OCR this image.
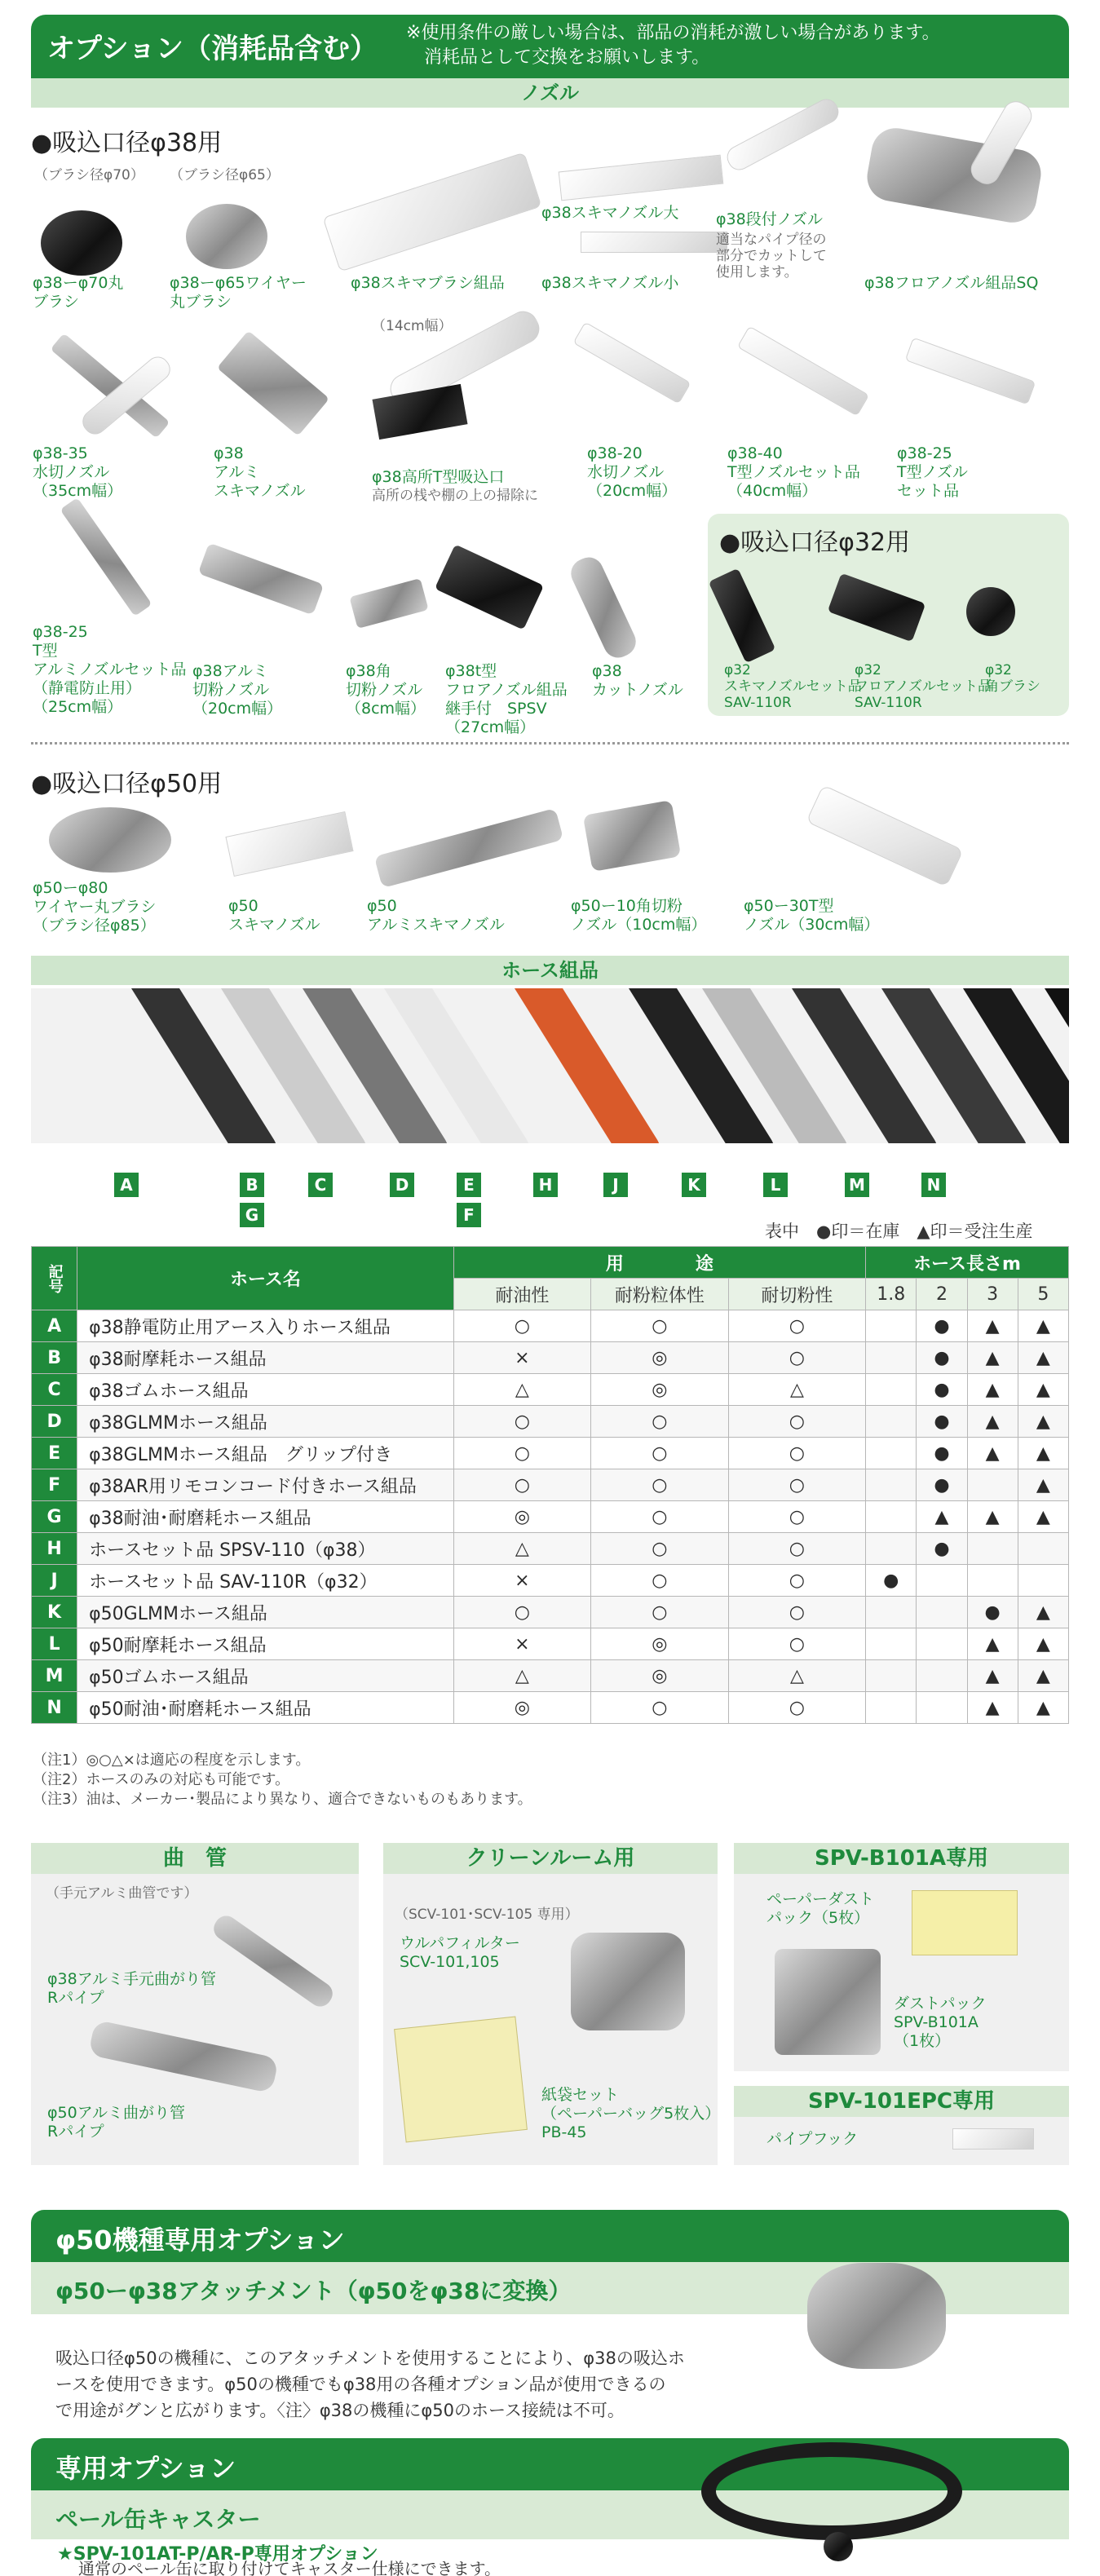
オプション（消耗品含む） ※使用条件の厳しい場合は、部品の消耗が激しい場合があります。
消耗品として交換をお願いします。
ノズル
●吸込口径φ38用
（ブラシ径φ70） （ブラシ径φ65）
φ38ーφ70丸
ブラシ
φ38ーφ65ワイヤー
丸ブラシ
φ38スキマブラシ組品
φ38スキマノズル大
φ38スキマノズル小
φ38段付ノズル
適当なパイプ径の
部分でカットして
使用します。
φ38フロアノズル組品SQ
φ38-35
水切ノズル
（35cm幅）
φ38
アルミ
スキマノズル
（14cm幅）
φ38高所T型吸込口
高所の桟や棚の上の掃除に
φ38-20
水切ノズル
（20cm幅）
φ38-40
T型ノズルセット品
（40cm幅）
φ38-25
T型ノズル
セット品
φ38-25
T型
アルミノズルセット品
（静電防止用）
（25cm幅）
φ38アルミ
切粉ノズル
（20cm幅）
φ38角
切粉ノズル
（8cm幅）
φ38t型
フロアノズル組品
継手付　SPSV
（27cm幅）
φ38
カットノズル
●吸込口径φ32用
φ32
スキマノズルセット品
SAV-110R
φ32
フロアノズルセット品
SAV-110R
φ32
角ブラシ
●吸込口径φ50用
φ50ーφ80
ワイヤー丸ブラシ
（ブラシ径φ85）
φ50
スキマノズル
φ50
アルミスキマノズル
φ50ー10角切粉
ノズル（10cm幅）
φ50ー30T型
ノズル（30cm幅）
ホース組品
A	B
G
C	D	E
F
H	J	K	L	M	N
表中　●印＝在庫　▲印＝受注生産
記号	ホース名	用　　　　途			ホース長さm			
		耐油性	耐粉粒体性	耐切粉性	1.8	2	3	5
A	φ38静電防止用アース入りホース組品	○	○	○		●	▲	▲
B	φ38耐摩耗ホース組品	×	◎	○		●	▲	▲
C	φ38ゴムホース組品	△	◎	△		●	▲	▲
D	φ38GLMMホース組品	○	○	○		●	▲	▲
E	φ38GLMMホース組品　グリップ付き	○	○	○		●	▲	▲
F	φ38AR用リモコンコード付きホース組品	○	○	○		●		▲
G	φ38耐油･耐磨耗ホース組品	◎	○	○		▲	▲	▲
H	ホースセット品 SPSV-110（φ38）	△	○	○		●		
J	ホースセット品 SAV-110R（φ32）	×	○	○	●			
K	φ50GLMMホース組品	○	○	○			●	▲
L	φ50耐摩耗ホース組品	×	◎	○			▲	▲
M	φ50ゴムホース組品	△	◎	△			▲	▲
N	φ50耐油･耐磨耗ホース組品	◎	○	○			▲	▲
（注1）◎○△×は適応の程度を示します。
（注2）ホースのみの対応も可能です。
（注3）油は、メーカー･製品により異なり、適合できないものもあります。
曲　管
（手元アルミ曲管です）
φ38アルミ手元曲がり管
Rパイプ
φ50アルミ曲がり管
Rパイプ
クリーンルーム用
（SCV-101･SCV-105 専用）
ウルパフィルター
SCV-101,105
紙袋セット
（ペーパーバッグ5枚入）
PB-45
SPV-B101A専用
ペーパーダスト
パック（5枚）
ダストパック
SPV-B101A
（1枚）
SPV-101EPC専用
パイプフック
φ50機種専用オプション
φ50ーφ38アタッチメント（φ50をφ38に変換）
吸込口径φ50の機種に、このアタッチメントを使用することにより、φ38の吸込ホ
ースを使用できます。φ50の機種でもφ38用の各種オプション品が使用できるの
で用途がグンと広がります。〈注〉φ38の機種にφ50のホース接続は不可。
専用オプション
ペール缶キャスター
★SPV-101AT-P/AR-P専用オプション
通常のペール缶に取り付けてキャスター仕様にできます。
